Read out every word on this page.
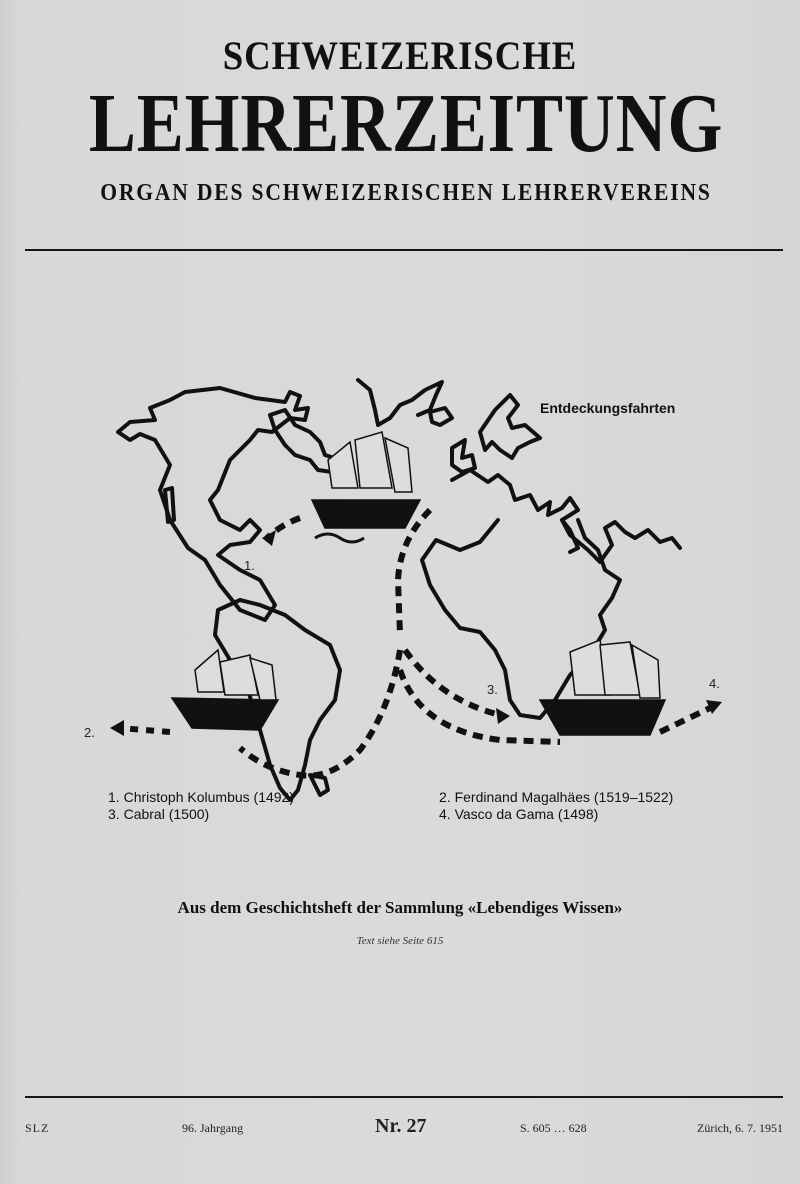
SCHWEIZERISCHE
LEHRERZEITUNG
ORGAN DES SCHWEIZERISCHEN LEHRERVEREINS
Entdeckungsfahrten
1.
2.
3.	4.
1. Christoph Kolumbus (1492)
3. Cabral (1500)
2. Ferdinand Magalhäes (1519–1522)
4. Vasco da Gama (1498)
Aus dem Geschichtsheft der Sammlung «Lebendiges Wissen»
Text siehe Seite 615
SLZ	96. Jahrgang	Nr. 27	S. 605 … 628	Zürich, 6. 7. 1951
